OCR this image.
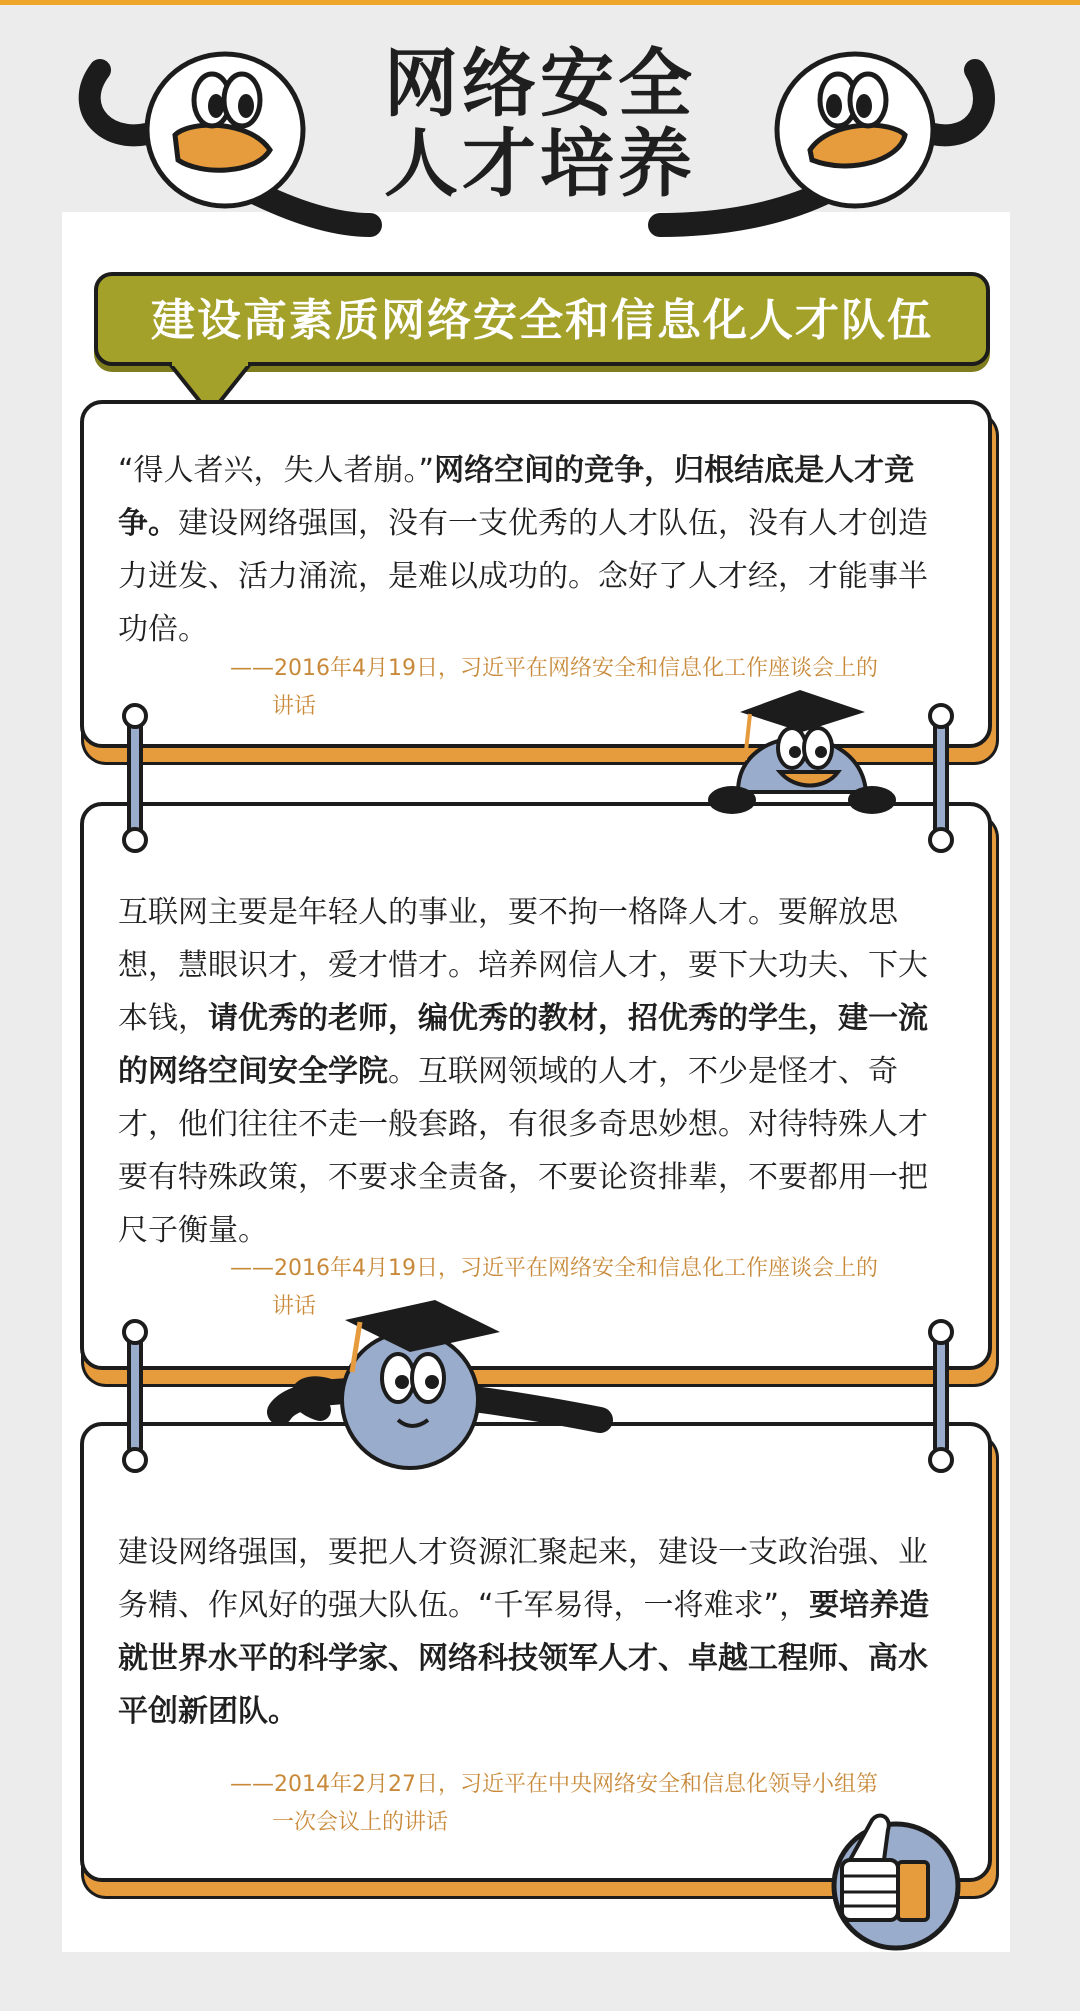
网络安全
人才培养
建设高素质网络安全和信息化人才队伍
“得人者兴，失人者崩。”网络空间的竞争，归根结底是人才竞争。建设网络强国，没有一支优秀的人才队伍，没有人才创造力迸发、活力涌流，是难以成功的。念好了人才经，才能事半功倍。
——2016年4月19日，习近平在网络安全和信息化工作座谈会上的
讲话
互联网主要是年轻人的事业，要不拘一格降人才。要解放思想，慧眼识才，爱才惜才。培养网信人才，要下大功夫、下大本钱，请优秀的老师，编优秀的教材，招优秀的学生，建一流的网络空间安全学院。互联网领域的人才，不少是怪才、奇才，他们往往不走一般套路，有很多奇思妙想。对待特殊人才要有特殊政策，不要求全责备，不要论资排辈，不要都用一把尺子衡量。
——2016年4月19日，习近平在网络安全和信息化工作座谈会上的
讲话
建设网络强国，要把人才资源汇聚起来，建设一支政治强、业务精、作风好的强大队伍。“千军易得，一将难求”，要培养造就世界水平的科学家、网络科技领军人才、卓越工程师、高水平创新团队。
——2014年2月27日，习近平在中央网络安全和信息化领导小组第
一次会议上的讲话
